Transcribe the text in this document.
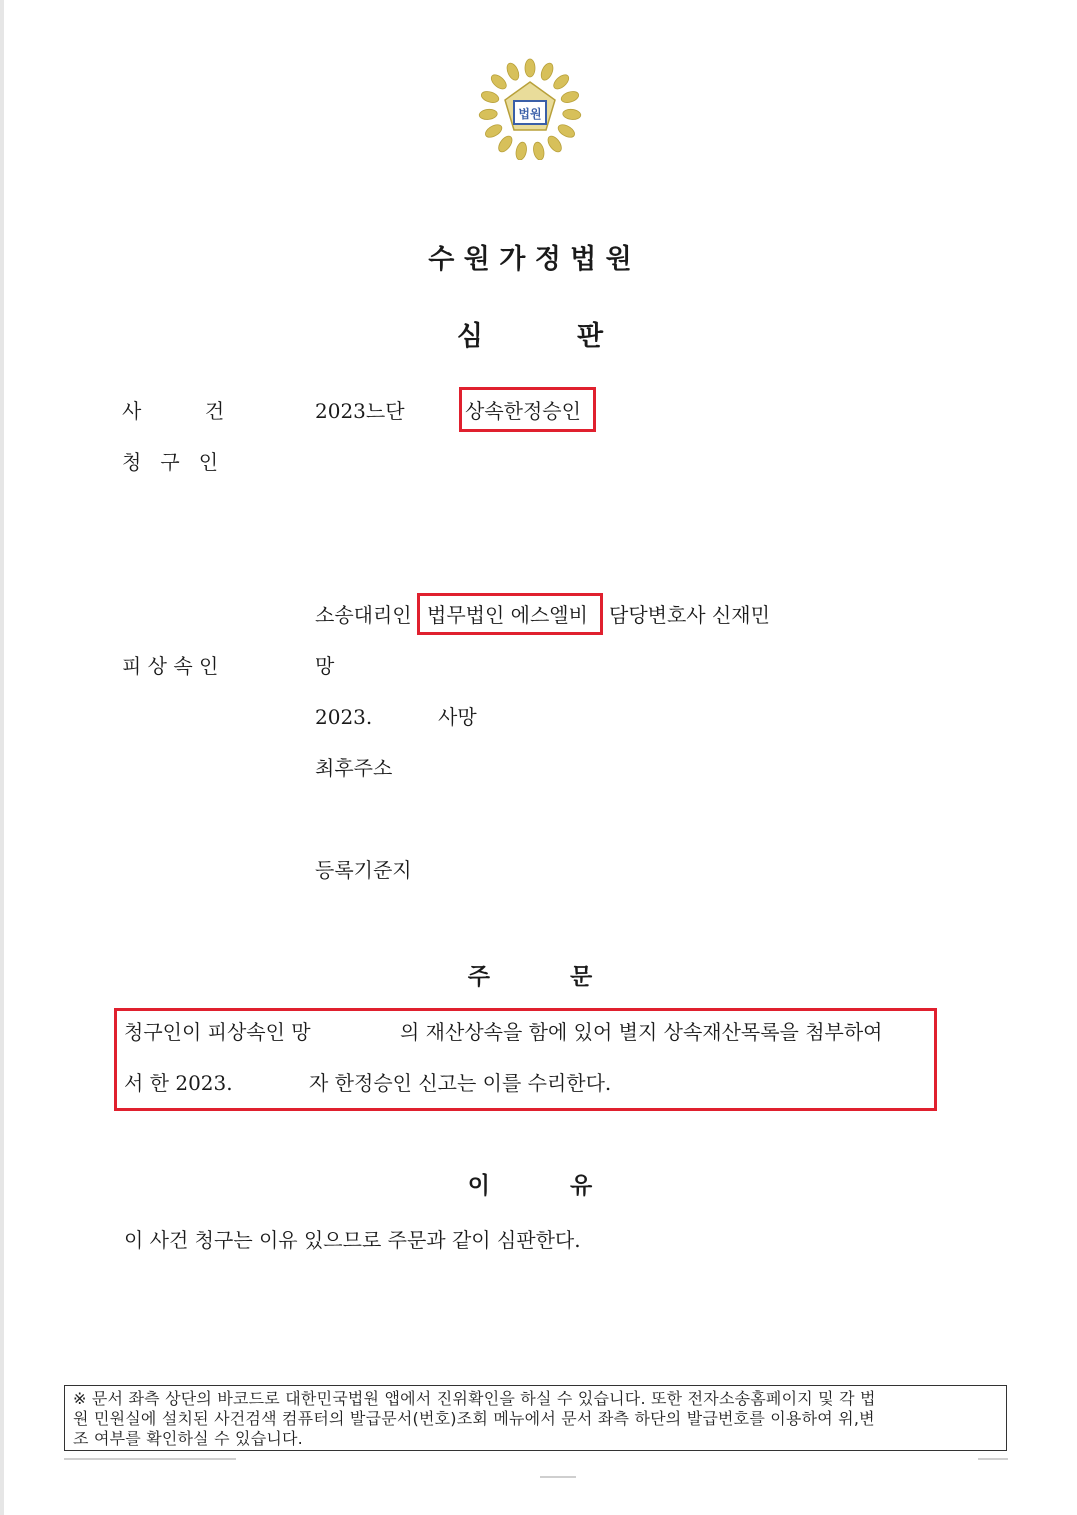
법원
수 원 가 정 법 원
심          판
사          건	2023느단	상속한정승인
청   구   인
소송대리인 법무법인 에스엘비 담당변호사 신재민
피 상 속 인	망
2023.	사망
최후주소
등록기준지
주          문
청구인이 피상속인 망	의 재산상속을 함에 있어 별지 상속재산목록을 첨부하여
서 한 2023.	자 한정승인 신고는 이를 수리한다.
이          유
이 사건 청구는 이유 있으므로 주문과 같이 심판한다.
※ 문서 좌측 상단의 바코드로 대한민국법원 앱에서 진위확인을 하실 수 있습니다. 또한 전자소송홈페이지 및 각 법
원 민원실에 설치된 사건검색 컴퓨터의 발급문서(번호)조회 메뉴에서 문서 좌측 하단의 발급번호를 이용하여 위,변
조 여부를 확인하실 수 있습니다.
